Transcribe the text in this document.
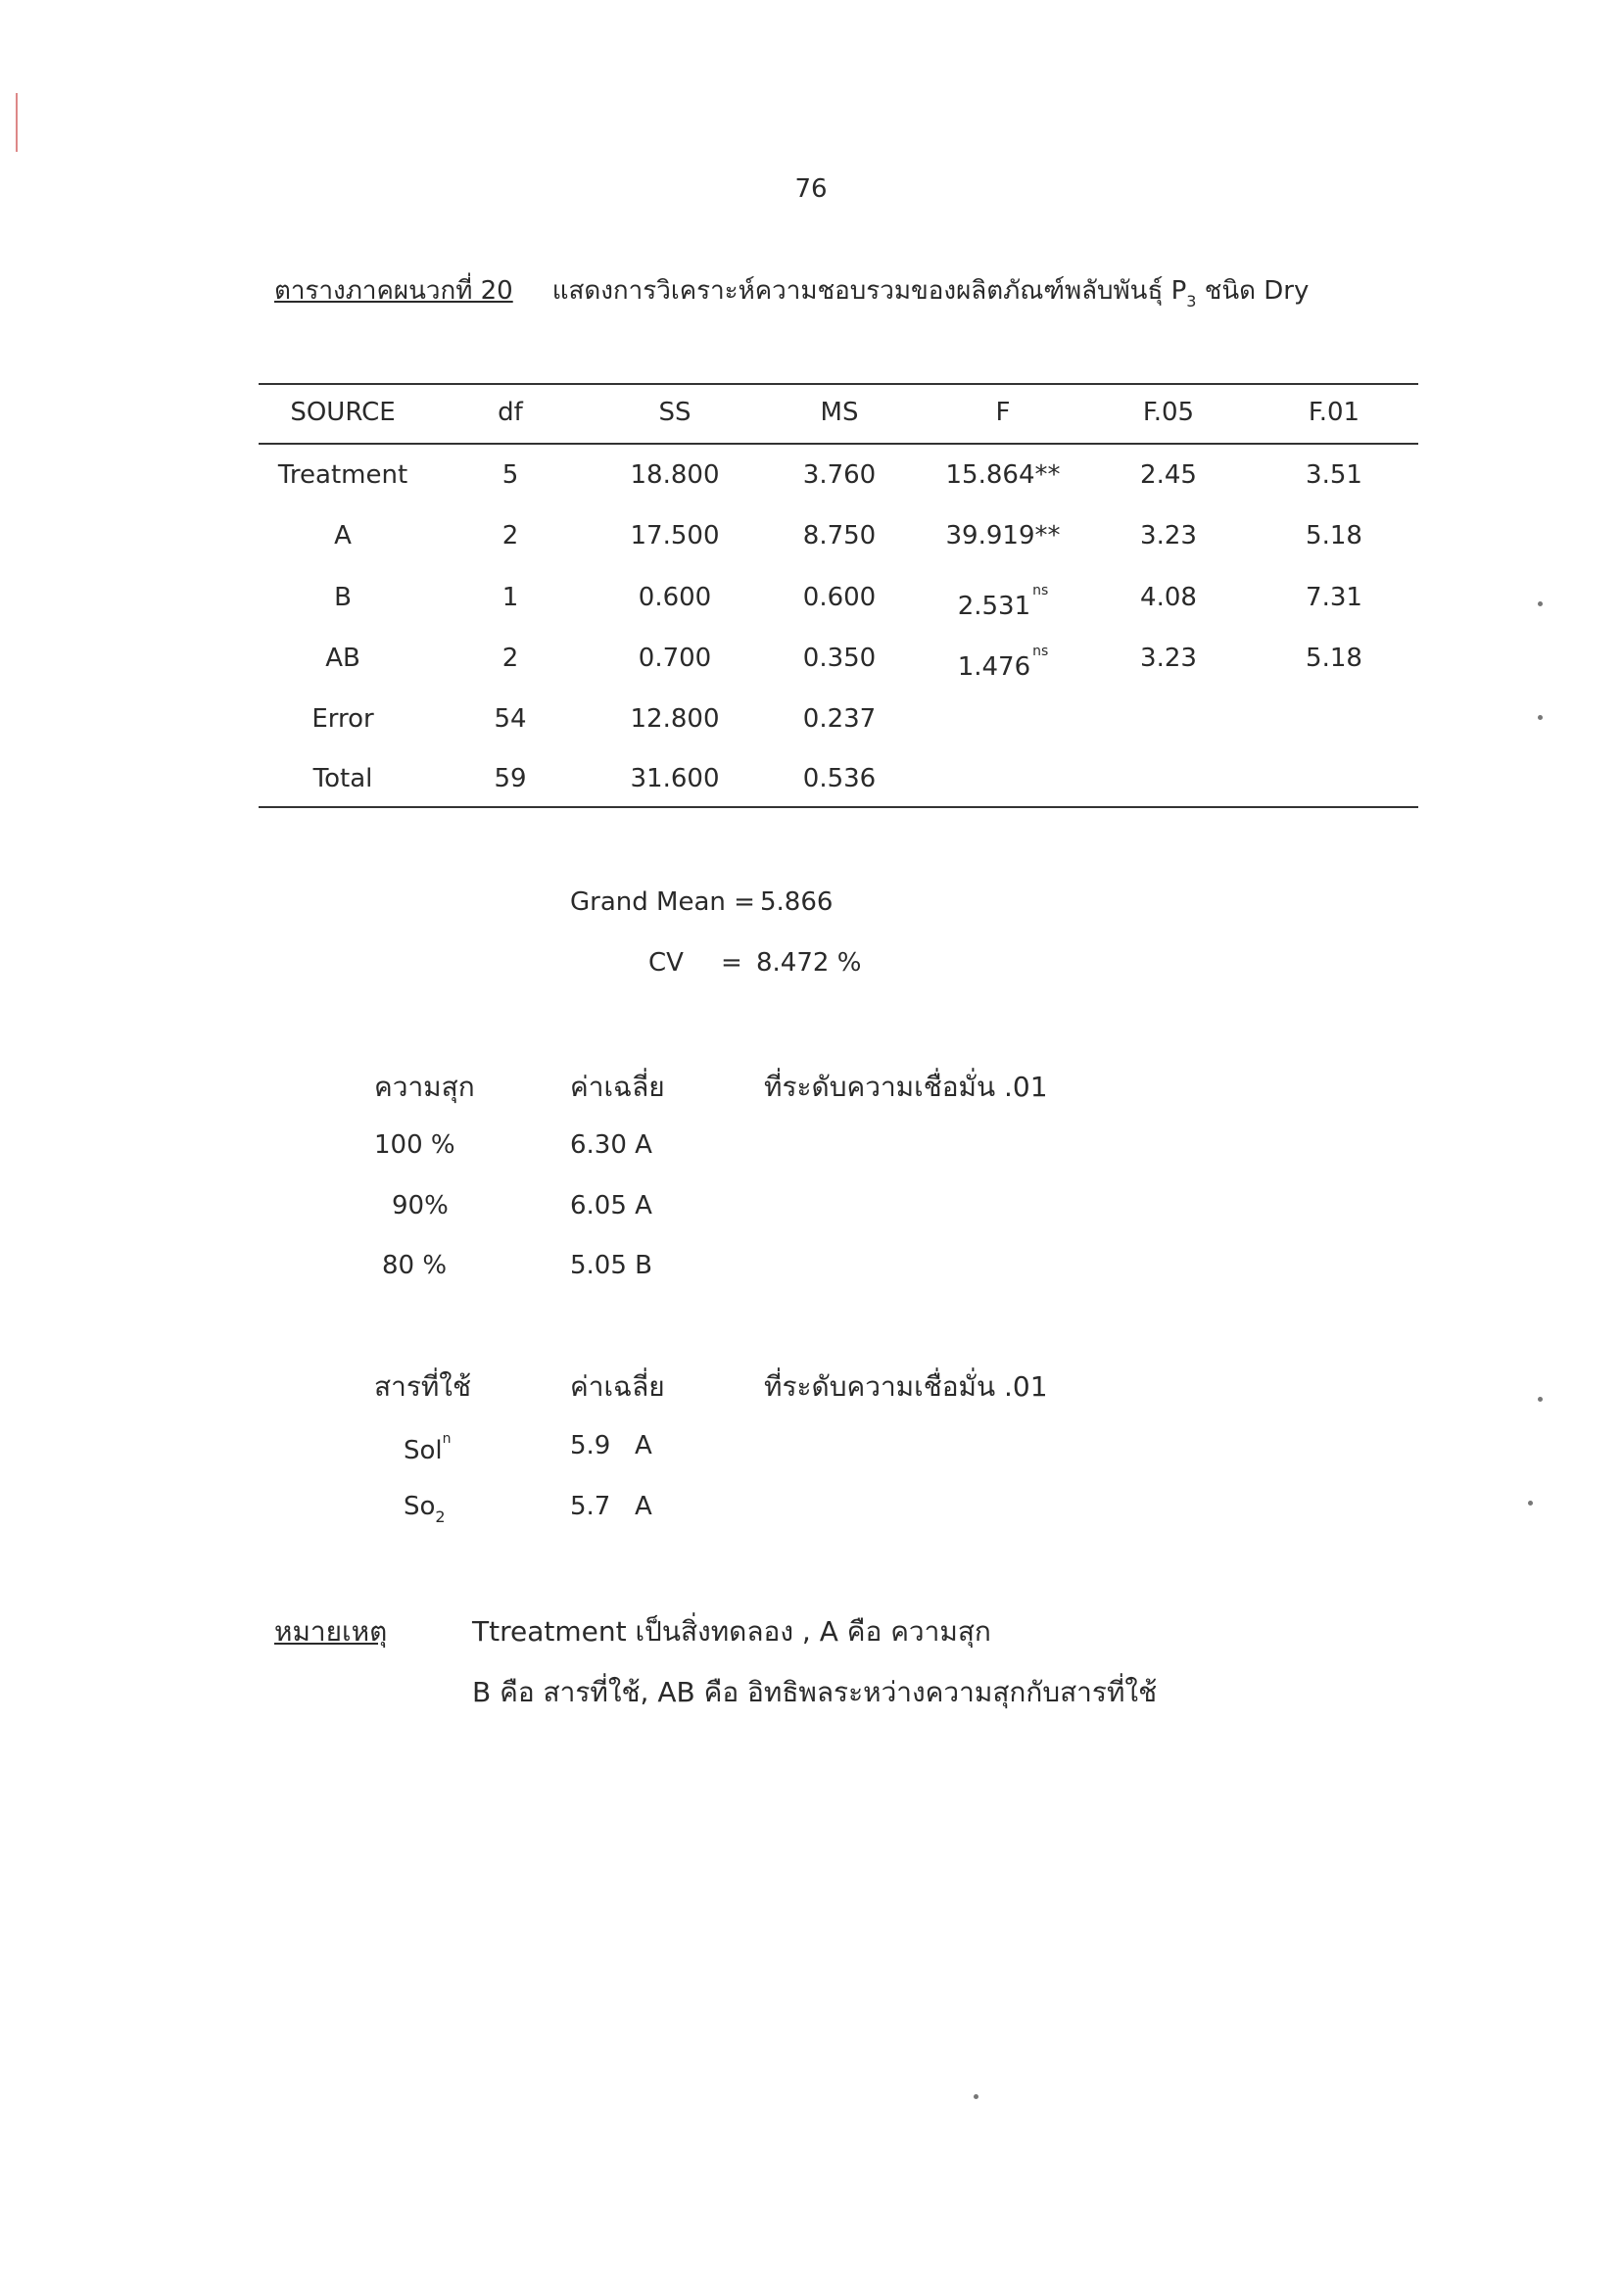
76
ตารางภาคผนวกที่ 20 แสดงการวิเคราะห์ความชอบรวมของผลิตภัณฑ์พลับพันธุ์ $P_3$ ชนิด Dry
SOURCE	df	SS	MS	F	F.05	F.01
Treatment	5	18.800	3.760	15.864**	2.45	3.51
A	2	17.500	8.750	39.919**	3.23	5.18
B	1	0.600	0.600	$2.531^{ns}$	4.08	7.31
AB	2	0.700	0.350	$1.476^{ns}$	3.23	5.18
Error	54	12.800	0.237
Total	59	31.600	0.536
Grand Mean = 5.866
CV = 8.472 %
ความสุก	ค่าเฉลี่ย	ที่ระดับความเชื่อมั่น .01
100 %	6.30 A
90%	6.05 A
80 %	5.05 B
สารที่ใช้	ค่าเฉลี่ย	ที่ระดับความเชื่อมั่น .01
Sol$^n$	5.9 A
$So_2$	5.7 A
หมายเหตุ	Ttreatment เป็นสิ่งทดลอง , A คือ ความสุก
B คือ สารที่ใช้, AB คือ อิทธิพลระหว่างความสุกกับสารที่ใช้
